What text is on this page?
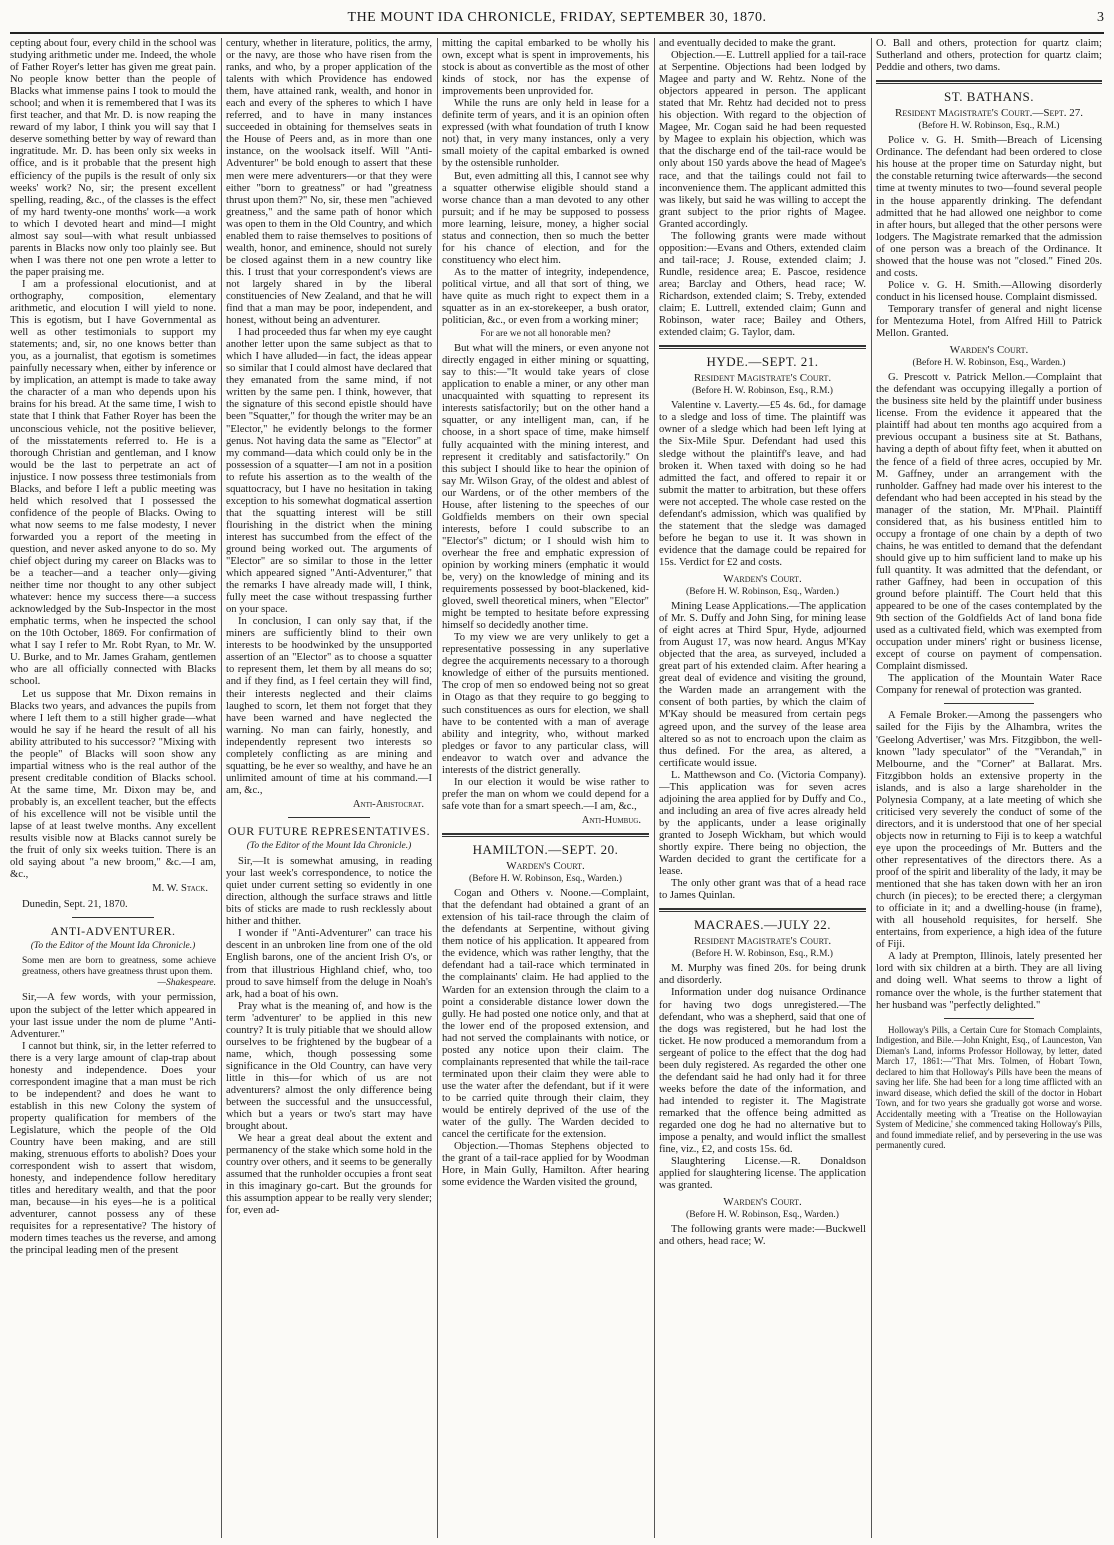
THE MOUNT IDA CHRONICLE, FRIDAY, SEPTEMBER 30, 1870.	3

cepting about four, every child in the school was studying arithmetic under me. Indeed, the whole of Father Royer's letter has given me great pain. No people know better than the people of Blacks what immense pains I took to mould the school; and when it is remembered that I was its first teacher, and that Mr. D. is now reaping the reward of my labor, I think you will say that I deserve something better by way of reward than ingratitude. Mr. D. has been only six weeks in office, and is it probable that the present high efficiency of the pupils is the result of only six weeks' work? No, sir; the present excellent spelling, reading, &c., of the classes is the effect of my hard twenty-one months' work—a work to which I devoted heart and mind—I might almost say soul—with what result unbiassed parents in Blacks now only too plainly see. But when I was there not one pen wrote a letter to the paper praising me.

I am a professional elocutionist, and at orthography, composition, elementary arithmetic, and elocution I will yield to none. This is egotism, but I have Governmental as well as other testimonials to support my statements; and, sir, no one knows better than you, as a journalist, that egotism is sometimes painfully necessary when, either by inference or by implication, an attempt is made to take away the character of a man who depends upon his brains for his bread. At the same time, I wish to state that I think that Father Royer has been the unconscious vehicle, not the positive believer, of the misstatements referred to. He is a thorough Christian and gentleman, and I know would be the last to perpetrate an act of injustice. I now possess three testimonials from Blacks, and before I left a public meeting was held which resolved that I possessed the confidence of the people of Blacks. Owing to what now seems to me false modesty, I never forwarded you a report of the meeting in question, and never asked anyone to do so. My chief object during my career on Blacks was to be a teacher—and a teacher only—giving neither time nor thought to any other subject whatever: hence my success there—a success acknowledged by the Sub-Inspector in the most emphatic terms, when he inspected the school on the 10th October, 1869. For confirmation of what I say I refer to Mr. Robt Ryan, to Mr. W. U. Burke, and to Mr. James Graham, gentlemen who are all officially connected with Blacks school.

Let us suppose that Mr. Dixon remains in Blacks two years, and advances the pupils from where I left them to a still higher grade—what would he say if he heard the result of all his ability attributed to his successor? "Mixing with the people" of Blacks will soon show any impartial witness who is the real author of the present creditable condition of Blacks school. At the same time, Mr. Dixon may be, and probably is, an excellent teacher, but the effects of his excellence will not be visible until the lapse of at least twelve months. Any excellent results visible now at Blacks cannot surely be the fruit of only six weeks tuition. There is an old saying about "a new broom," &c.—I am, &c.,

M. W. Stack.

Dunedin, Sept. 21, 1870.

ANTI-ADVENTURER.
(To the Editor of the Mount Ida Chronicle.)
Some men are born to greatness, some achieve greatness, others have greatness thrust upon them.
—Shakespeare.

Sir,—A few words, with your permission, upon the subject of the letter which appeared in your last issue under the nom de plume "Anti-Adventurer."

I cannot but think, sir, in the letter referred to there is a very large amount of clap-trap about honesty and independence. Does your correspondent imagine that a man must be rich to be independent? and does he want to establish in this new Colony the system of property qualification for members of the Legislature, which the people of the Old Country have been making, and are still making, strenuous efforts to abolish? Does your correspondent wish to assert that wisdom, honesty, and independence follow hereditary titles and hereditary wealth, and that the poor man, because—in his eyes—he is a political adventurer, cannot possess any of these requisites for a representative? The history of modern times teaches us the reverse, and among the principal leading men of the present

century, whether in literature, politics, the army, or the navy, are those who have risen from the ranks, and who, by a proper application of the talents with which Providence has endowed them, have attained rank, wealth, and honor in each and every of the spheres to which I have referred, and to have in many instances succeeded in obtaining for themselves seats in the House of Peers and, as in more than one instance, on the woolsack itself. Will "Anti-Adventurer" be bold enough to assert that these men were mere adventurers—or that they were either "born to greatness" or had "greatness thrust upon them?" No, sir, these men "achieved greatness," and the same path of honor which was open to them in the Old Country, and which enabled them to raise themselves to positions of wealth, honor, and eminence, should not surely be closed against them in a new country like this. I trust that your correspondent's views are not largely shared in by the liberal constituencies of New Zealand, and that he will find that a man may be poor, independent, and honest, without being an adventurer.

I had proceeded thus far when my eye caught another letter upon the same subject as that to which I have alluded—in fact, the ideas appear so similar that I could almost have declared that they emanated from the same mind, if not written by the same pen. I think, however, that the signature of this second epistle should have been "Squatter," for though the writer may be an "Elector," he evidently belongs to the former genus. Not having data the same as "Elector" at my command—data which could only be in the possession of a squatter—I am not in a position to refute his assertion as to the wealth of the squattocracy, but I have no hesitation in taking exception to his somewhat dogmatical assertion that the squatting interest will be still flourishing in the district when the mining interest has succumbed from the effect of the ground being worked out. The arguments of "Elector" are so similar to those in the letter which appeared signed "Anti-Adventurer," that the remarks I have already made will, I think, fully meet the case without trespassing further on your space.

In conclusion, I can only say that, if the miners are sufficiently blind to their own interests to be hoodwinked by the unsupported assertion of an "Elector" as to choose a squatter to represent them, let them by all means do so; and if they find, as I feel certain they will find, their interests neglected and their claims laughed to scorn, let them not forget that they have been warned and have neglected the warning. No man can fairly, honestly, and independently represent two interests so completely conflicting as are mining and squatting, be he ever so wealthy, and have he an unlimited amount of time at his command.—I am, &c.,

Anti-Aristocrat.
OUR FUTURE REPRESENTATIVES.
(To the Editor of the Mount Ida Chronicle.)

Sir,—It is somewhat amusing, in reading your last week's correspondence, to notice the quiet under current setting so evidently in one direction, although the surface straws and little bits of sticks are made to rush recklessly about hither and thither.

I wonder if "Anti-Adventurer" can trace his descent in an unbroken line from one of the old English barons, one of the ancient Irish O's, or from that illustrious Highland chief, who, too proud to save himself from the deluge in Noah's ark, had a boat of his own.

Pray what is the meaning of, and how is the term 'adventurer' to be applied in this new country? It is truly pitiable that we should allow ourselves to be frightened by the bugbear of a name, which, though possessing some significance in the Old Country, can have very little in this—for which of us are not adventurers? almost the only difference being between the successful and the unsuccessful, which but a years or two's start may have brought about.

We hear a great deal about the extent and permanency of the stake which some hold in the country over others, and it seems to be generally assumed that the runholder occupies a front seat in this imaginary go-cart. But the grounds for this assumption appear to be really very slender; for, even ad-

mitting the capital embarked to be wholly his own, except what is spent in improvements, his stock is about as convertible as the most of other kinds of stock, nor has the expense of improvements been unprovided for.

While the runs are only held in lease for a definite term of years, and it is an opinion often expressed (with what foundation of truth I know not) that, in very many instances, only a very small moiety of the capital embarked is owned by the ostensible runholder.

But, even admitting all this, I cannot see why a squatter otherwise eligible should stand a worse chance than a man devoted to any other pursuit; and if he may be supposed to possess more learning, leisure, money, a higher social status and connection, then so much the better for his chance of election, and for the constituency who elect him.

As to the matter of integrity, independence, political virtue, and all that sort of thing, we have quite as much right to expect them in a squatter as in an ex-storekeeper, a bush orator, politician, &c., or even from a working miner;

For are we not all honorable men?

But what will the miners, or even anyone not directly engaged in either mining or squatting, say to this:—"It would take years of close application to enable a miner, or any other man unacquainted with squatting to represent its interests satisfactorily; but on the other hand a squatter, or any intelligent man, can, if he choose, in a short space of time, make himself fully acquainted with the mining interest, and represent it creditably and satisfactorily." On this subject I should like to hear the opinion of say Mr. Wilson Gray, of the oldest and ablest of our Wardens, or of the other members of the House, after listening to the speeches of our Goldfields members on their own special interests, before I could subscribe to an "Elector's" dictum; or I should wish him to overhear the free and emphatic expression of opinion by working miners (emphatic it would be, very) on the knowledge of mining and its requirements possessed by boot-blackened, kid-gloved, swell theoretical miners, when "Elector" might be tempted to hesitate before expressing himself so decidedly another time.

To my view we are very unlikely to get a representative possessing in any superlative degree the acquirements necessary to a thorough knowledge of either of the pursuits mentioned. The crop of men so endowed being not so great in Otago as that they require to go begging to such constituences as ours for election, we shall have to be contented with a man of average ability and integrity, who, without marked pledges or favor to any particular class, will endeavor to watch over and advance the interests of the district generally.

In our election it would be wise rather to prefer the man on whom we could depend for a safe vote than for a smart speech.—I am, &c.,

Anti-Humbug.
HAMILTON.—SEPT. 20.
Warden's Court.
(Before H. W. Robinson, Esq., Warden.)

Cogan and Others v. Noone.—Complaint, that the defendant had obtained a grant of an extension of his tail-race through the claim of the defendants at Serpentine, without giving them notice of his application. It appeared from the evidence, which was rather lengthy, that the defendant had a tail-race which terminated in the complainants' claim. He had applied to the Warden for an extension through the claim to a point a considerable distance lower down the gully. He had posted one notice only, and that at the lower end of the proposed extension, and had not served the complainants with notice, or posted any notice upon their claim. The complainants represented that while the tail-race terminated upon their claim they were able to use the water after the defendant, but if it were to be carried quite through their claim, they would be entirely deprived of the use of the water of the gully. The Warden decided to cancel the certificate for the extension.

Objection.—Thomas Stephens objected to the grant of a tail-race applied for by Woodman Hore, in Main Gully, Hamilton. After hearing some evidence the Warden visited the ground,

and eventually decided to make the grant.

Objection.—E. Luttrell applied for a tail-race at Serpentine. Objections had been lodged by Magee and party and W. Rehtz. None of the objectors appeared in person. The applicant stated that Mr. Rehtz had decided not to press his objection. With regard to the objection of Magee, Mr. Cogan said he had been requested by Magee to explain his objection, which was that the discharge end of the tail-race would be only about 150 yards above the head of Magee's race, and that the tailings could not fail to inconvenience them. The applicant admitted this was likely, but said he was willing to accept the grant subject to the prior rights of Magee. Granted accordingly.

The following grants were made without opposition:—Evans and Others, extended claim and tail-race; J. Rouse, extended claim; J. Rundle, residence area; E. Pascoe, residence area; Barclay and Others, head race; W. Richardson, extended claim; S. Treby, extended claim; E. Luttrell, extended claim; Gunn and Robinson, water race; Bailey and Others, extended claim; G. Taylor, dam.

HYDE.—SEPT. 21.
Resident Magistrate's Court.
(Before H. W. Robinson, Esq., R.M.)

Valentine v. Laverty.—£5 4s. 6d., for damage to a sledge and loss of time. The plaintiff was owner of a sledge which had been left lying at the Six-Mile Spur. Defendant had used this sledge without the plaintiff's leave, and had broken it. When taxed with doing so he had admitted the fact, and offered to repair it or submit the matter to arbitration, but these offers were not accepted. The whole case rested on the defendant's admission, which was qualified by the statement that the sledge was damaged before he began to use it. It was shown in evidence that the damage could be repaired for 15s. Verdict for £2 and costs.

Warden's Court.
(Before H. W. Robinson, Esq., Warden.)

Mining Lease Applications.—The application of Mr. S. Duffy and John Sing, for mining lease of eight acres at Third Spur, Hyde, adjourned from August 17, was now heard. Angus M'Kay objected that the area, as surveyed, included a great part of his extended claim. After hearing a great deal of evidence and visiting the ground, the Warden made an arrangement with the consent of both parties, by which the claim of M'Kay should be measured from certain pegs agreed upon, and the survey of the lease area altered so as not to encroach upon the claim as thus defined. For the area, as altered, a certificate would issue.

L. Matthewson and Co. (Victoria Company).—This application was for seven acres adjoining the area applied for by Duffy and Co., and including an area of five acres already held by the applicants, under a lease originally granted to Joseph Wickham, but which would shortly expire. There being no objection, the Warden decided to grant the certificate for a lease.

The only other grant was that of a head race to James Quinlan.

MACRAES.—JULY 22.
Resident Magistrate's Court.
(Before H. W. Robinson, Esq., R.M.)

M. Murphy was fined 20s. for being drunk and disorderly.

Information under dog nuisance Ordinance for having two dogs unregistered.—The defendant, who was a shepherd, said that one of the dogs was registered, but he had lost the ticket. He now produced a memorandum from a sergeant of police to the effect that the dog had been duly registered. As regarded the other one the defendant said he had only had it for three weeks before the date of the information, and had intended to register it. The Magistrate remarked that the offence being admitted as regarded one dog he had no alternative but to impose a penalty, and would inflict the smallest fine, viz., £2, and costs 15s. 6d.

Slaughtering License.—R. Donaldson applied for slaughtering license. The application was granted.

Warden's Court.
(Before H. W. Robinson, Esq., Warden.)

The following grants were made:—Buckwell and others, head race; W.

O. Ball and others, protection for quartz claim; Sutherland and others, protection for quartz claim; Peddie and others, two dams.

ST. BATHANS.
Resident Magistrate's Court.—Sept. 27.
(Before H. W. Robinson, Esq., R.M.)

Police v. G. H. Smith—Breach of Licensing Ordinance. The defendant had been ordered to close his house at the proper time on Saturday night, but the constable returning twice afterwards—the second time at twenty minutes to two—found several people in the house apparently drinking. The defendant admitted that he had allowed one neighbor to come in after hours, but alleged that the other persons were lodgers. The Magistrate remarked that the admission of one person was a breach of the Ordinance. It showed that the house was not "closed." Fined 20s. and costs.

Police v. G. H. Smith.—Allowing disorderly conduct in his licensed house. Complaint dismissed.

Temporary transfer of general and night license for Mentezuma Hotel, from Alfred Hill to Patrick Mellon. Granted.

Warden's Court.
(Before H. W. Robinson, Esq., Warden.)

G. Prescott v. Patrick Mellon.—Complaint that the defendant was occupying illegally a portion of the business site held by the plaintiff under business license. From the evidence it appeared that the plaintiff had about ten months ago acquired from a previous occupant a business site at St. Bathans, having a depth of about fifty feet, when it abutted on the fence of a field of three acres, occupied by Mr. M. Gaffney, under an arrangement with the runholder. Gaffney had made over his interest to the defendant who had been accepted in his stead by the manager of the station, Mr. M'Phail. Plaintiff considered that, as his business entitled him to occupy a frontage of one chain by a depth of two chains, he was entitled to demand that the defendant should give up to him sufficient land to make up his full quantity. It was admitted that the defendant, or rather Gaffney, had been in occupation of this ground before plaintiff. The Court held that this appeared to be one of the cases contemplated by the 9th section of the Goldfields Act of land bona fide used as a cultivated field, which was exempted from occupation under miners' right or business license, except of course on payment of compensation. Complaint dismissed.

The application of the Mountain Water Race Company for renewal of protection was granted.

A Female Broker.—Among the passengers who sailed for the Fijis by the Alhambra, writes the 'Geelong Advertiser,' was Mrs. Fitzgibbon, the well-known "lady speculator" of the "Verandah," in Melbourne, and the "Corner" at Ballarat. Mrs. Fitzgibbon holds an extensive property in the islands, and is also a large shareholder in the Polynesia Company, at a late meeting of which she criticised very severely the conduct of some of the directors, and it is understood that one of her special objects now in returning to Fiji is to keep a watchful eye upon the proceedings of Mr. Butters and the other representatives of the directors there. As a proof of the spirit and liberality of the lady, it may be mentioned that she has taken down with her an iron church (in pieces); to be erected there; a clergyman to officiate in it; and a dwelling-house (in frame), with all household requisites, for herself. She entertains, from experience, a high idea of the future of Fiji.

A lady at Prempton, Illinois, lately presented her lord with six children at a birth. They are all living and doing well. What seems to throw a light of romance over the whole, is the further statement that her husband was "perfectly delighted."

Holloway's Pills, a Certain Cure for Stomach Complaints, Indigestion, and Bile.—John Knight, Esq., of Launceston, Van Dieman's Land, informs Professor Holloway, by letter, dated March 17, 1861:—"That Mrs. Tolmen, of Hobart Town, declared to him that Holloway's Pills have been the means of saving her life. She had been for a long time afflicted with an inward disease, which defied the skill of the doctor in Hobart Town, and for two years she gradually got worse and worse. Accidentally meeting with a 'Treatise on the Hollowayian System of Medicine,' she commenced taking Holloway's Pills, and found immediate relief, and by persevering in the use was permanently cured.
